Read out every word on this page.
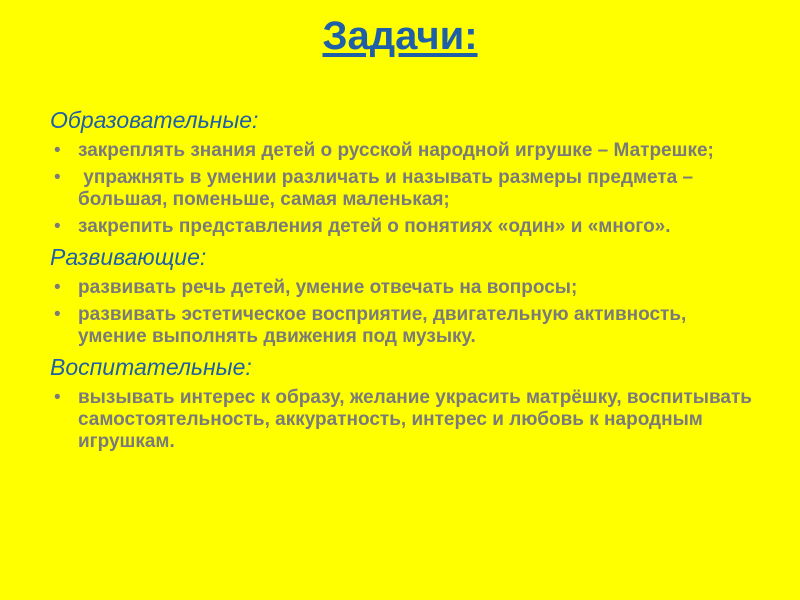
Задачи:
Образовательные:
• закреплять знания детей о русской народной игрушке – Матрешке;
• упражнять в умении различать и называть размеры предмета – большая, поменьше, самая маленькая;
• закрепить представления детей о понятиях «один» и «много».
Развивающие:
• развивать речь детей, умение отвечать на вопросы;
• развивать эстетическое восприятие, двигательную активность, умение выполнять движения под музыку.
Воспитательные:
• вызывать интерес к образу, желание украсить матрёшку, воспитывать самостоятельность, аккуратность, интерес и любовь к народным игрушкам.
